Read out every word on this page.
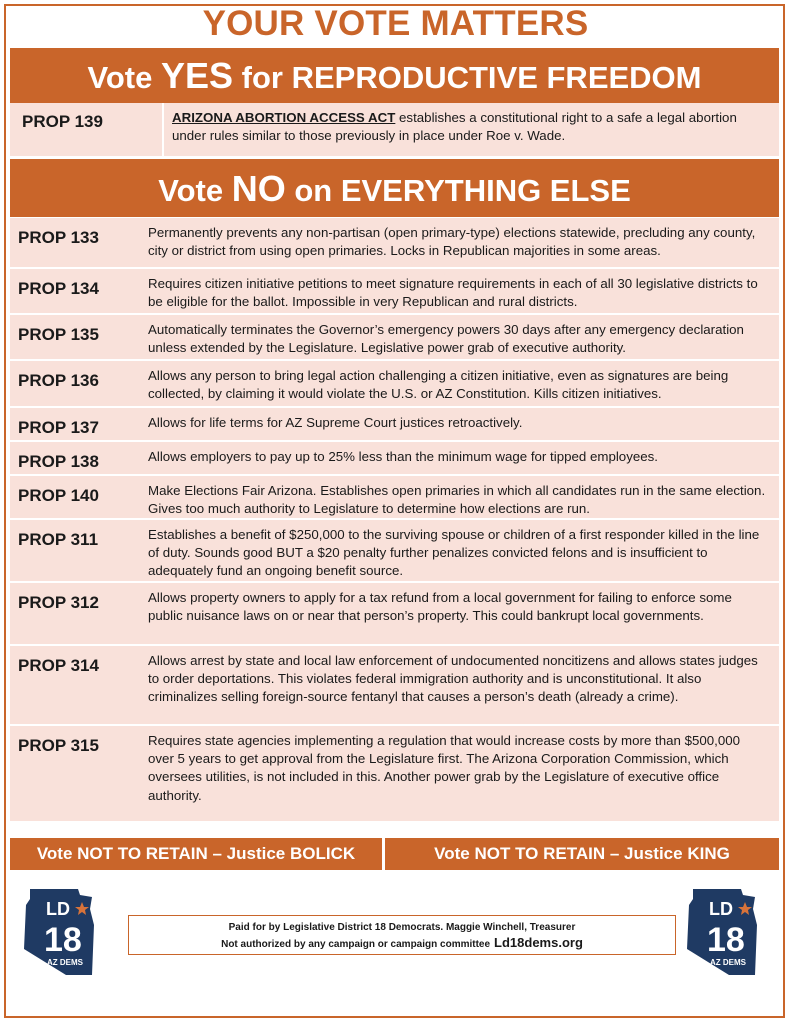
YOUR VOTE MATTERS
Vote YES for REPRODUCTIVE FREEDOM
PROP 139	ARIZONA ABORTION ACCESS ACT establishes a constitutional right to a safe a legal abortion under rules similar to those previously in place under Roe v. Wade.
Vote NO on EVERYTHING ELSE
PROP 133	Permanently prevents any non-partisan (open primary-type) elections statewide, precluding any county, city or district from using open primaries. Locks in Republican majorities in some areas.
PROP 134	Requires citizen initiative petitions to meet signature requirements in each of all 30 legislative districts to be eligible for the ballot. Impossible in very Republican and rural districts.
PROP 135	Automatically terminates the Governor’s emergency powers 30 days after any emergency declaration unless extended by the Legislature. Legislative power grab of executive authority.
PROP 136	Allows any person to bring legal action challenging a citizen initiative, even as signatures are being collected, by claiming it would violate the U.S. or AZ Constitution. Kills citizen initiatives.
PROP 137	Allows for life terms for AZ Supreme Court justices retroactively.
PROP 138	Allows employers to pay up to 25% less than the minimum wage for tipped employees.
PROP 140	Make Elections Fair Arizona. Establishes open primaries in which all candidates run in the same election. Gives too much authority to Legislature to determine how elections are run.
PROP 311	Establishes a benefit of $250,000 to the surviving spouse or children of a first responder killed in the line of duty. Sounds good BUT a $20 penalty further penalizes convicted felons and is insufficient to adequately fund an ongoing benefit source.
PROP 312	Allows property owners to apply for a tax refund from a local government for failing to enforce some public nuisance laws on or near that person’s property. This could bankrupt local governments.
PROP 314	Allows arrest by state and local law enforcement of undocumented noncitizens and allows states judges to order deportations. This violates federal immigration authority and is unconstitutional. It also criminalizes selling foreign-source fentanyl that causes a person’s death (already a crime).
PROP 315	Requires state agencies implementing a regulation that would increase costs by more than $500,000 over 5 years to get approval from the Legislature first. The Arizona Corporation Commission, which oversees utilities, is not included in this. Another power grab by the Legislature of executive office authority.
Vote NOT TO RETAIN – Justice BOLICK	Vote NOT TO RETAIN – Justice KING
LD
18
AZ DEMS
LD
18
AZ DEMS
Paid for by Legislative District 18 Democrats. Maggie Winchell, Treasurer
Not authorized by any campaign or campaign committee Ld18dems.org
